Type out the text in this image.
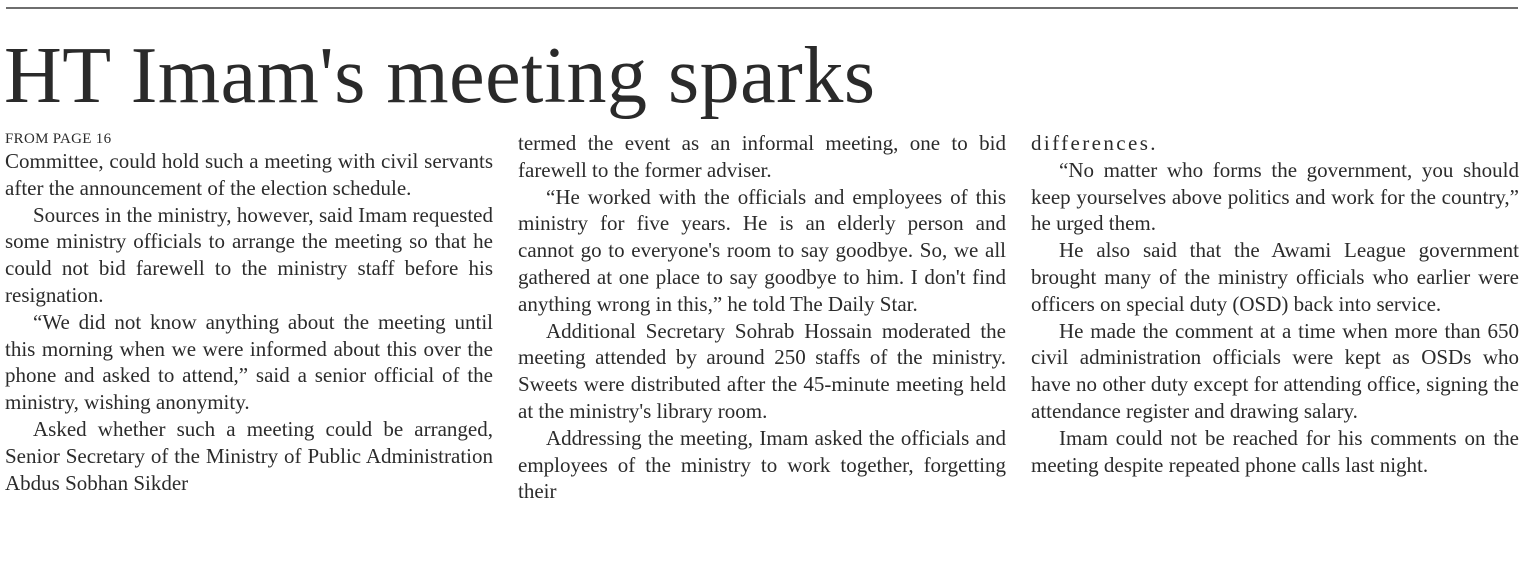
HT Imam's meeting sparks
FROM PAGE 16

Committee, could hold such a meeting with civil servants after the announcement of the election schedule.

Sources in the ministry, however, said Imam requested some ministry officials to arrange the meeting so that he could not bid farewell to the ministry staff before his resignation.

“We did not know anything about the meeting until this morning when we were informed about this over the phone and asked to attend,” said a senior official of the ministry, wishing anonymity.

Asked whether such a meeting could be arranged, Senior Secretary of the Ministry of Public Administration Abdus Sobhan Sikder

termed the event as an informal meeting, one to bid farewell to the former adviser.

“He worked with the officials and employees of this ministry for five years. He is an elderly person and cannot go to everyone's room to say goodbye. So, we all gathered at one place to say goodbye to him. I don't find anything wrong in this,” he told The Daily Star.

Additional Secretary Sohrab Hossain moderated the meeting attended by around 250 staffs of the ministry. Sweets were distributed after the 45-minute meeting held at the ministry's library room.

Addressing the meeting, Imam asked the officials and employees of the ministry to work together, forgetting their

differences.

“No matter who forms the government, you should keep yourselves above politics and work for the country,” he urged them.

He also said that the Awami League government brought many of the ministry officials who earlier were officers on special duty (OSD) back into service.

He made the comment at a time when more than 650 civil administration officials were kept as OSDs who have no other duty except for attending office, signing the attendance register and drawing salary.

Imam could not be reached for his comments on the meeting despite repeated phone calls last night.
